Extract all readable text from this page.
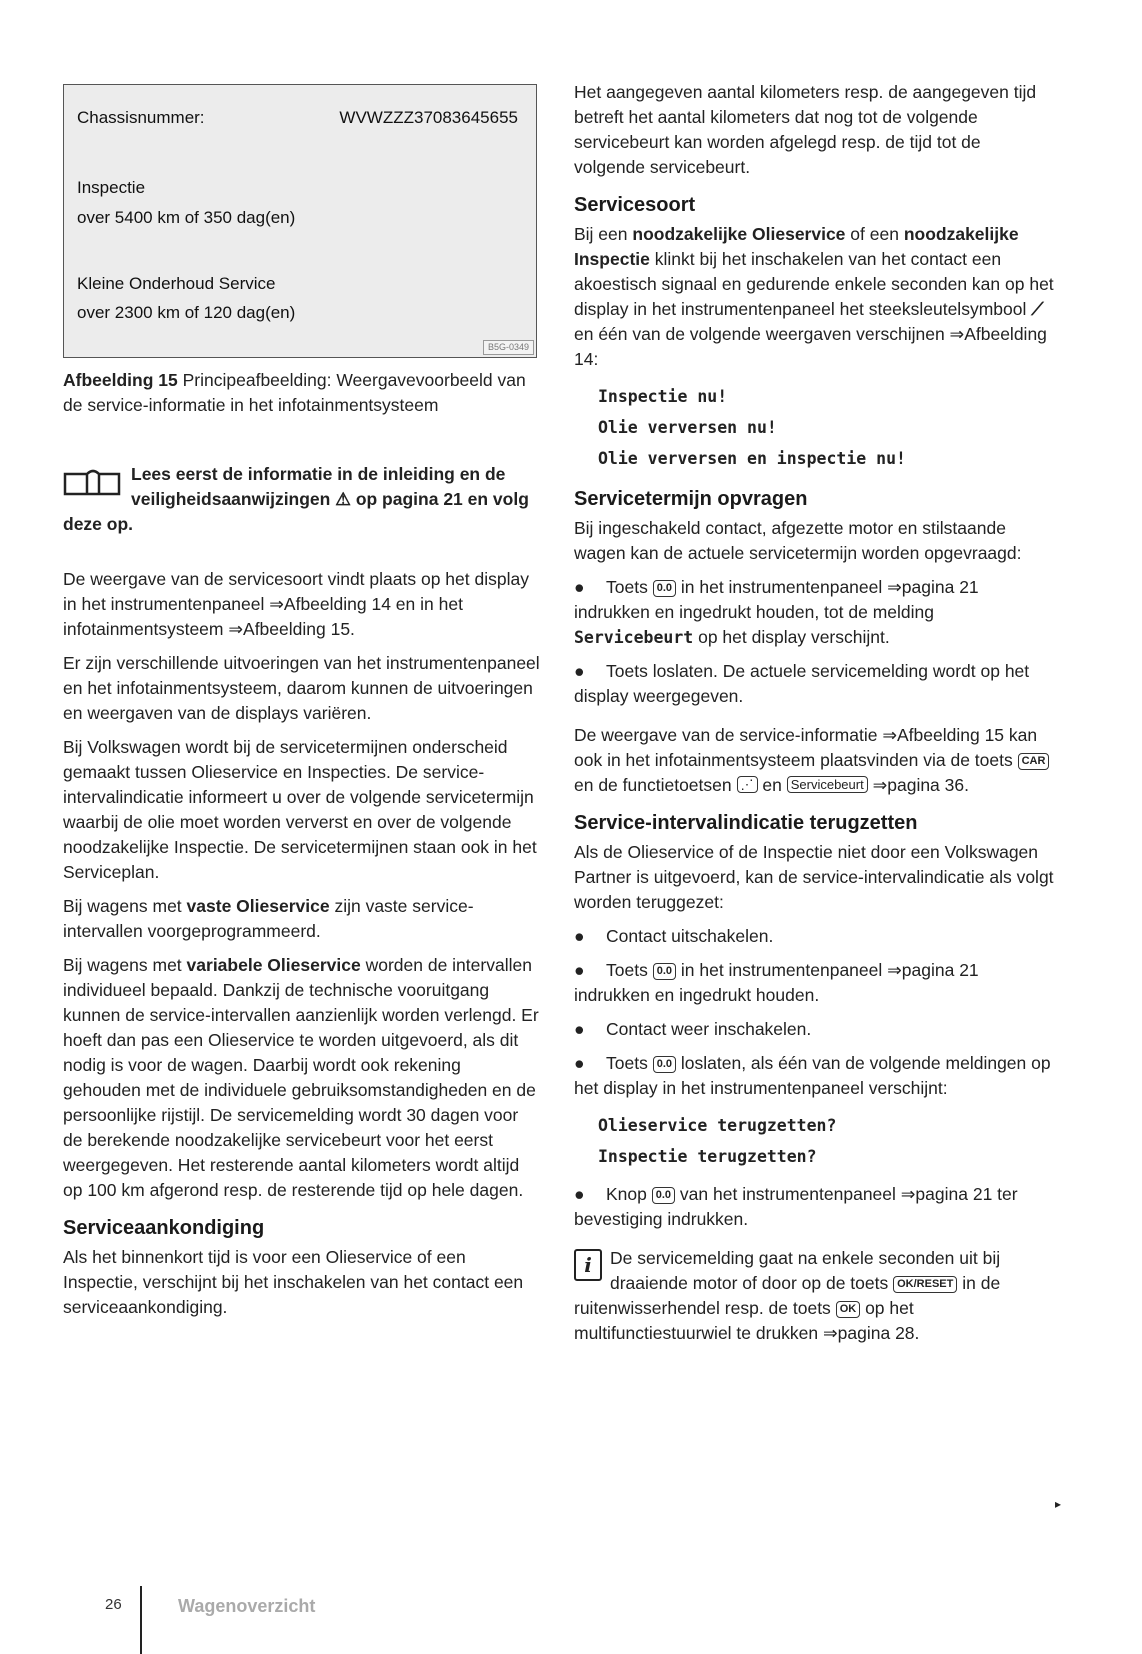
Chassisnummer:	WVWZZZ37083645655
Inspectie
over 5400 km of 350 dag(en)
Kleine Onderhoud Service
over 2300 km of 120 dag(en)
B5G-0349
Afbeelding 15 Principeafbeelding: Weergavevoorbeeld van de service-informatie in het infotainmentsysteem
Lees eerst de informatie in de inleiding en de veiligheidsaanwijzingen ⚠ op pagina 21 en volg deze op.

De weergave van de servicesoort vindt plaats op het display in het instrumentenpaneel ⇒Afbeelding 14 en in het infotainmentsysteem ⇒Afbeelding 15.

Er zijn verschillende uitvoeringen van het instrumentenpaneel en het infotainmentsysteem, daarom kunnen de uitvoeringen en weergaven van de displays variëren.

Bij Volkswagen wordt bij de servicetermijnen onderscheid gemaakt tussen Olieservice en Inspecties. De service-intervalindicatie informeert u over de volgende servicetermijn waarbij de olie moet worden ververst en over de volgende noodzakelijke Inspectie. De servicetermijnen staan ook in het Serviceplan.

Bij wagens met vaste Olieservice zijn vaste service-intervallen voorgeprogrammeerd.

Bij wagens met variabele Olieservice worden de intervallen individueel bepaald. Dankzij de technische vooruitgang kunnen de service-intervallen aanzienlijk worden verlengd. Er hoeft dan pas een Olieservice te worden uitgevoerd, als dit nodig is voor de wagen. Daarbij wordt ook rekening gehouden met de individuele gebruiksomstandigheden en de persoonlijke rijstijl. De servicemelding wordt 30 dagen voor de berekende noodzakelijke servicebeurt voor het eerst weergegeven. Het resterende aantal kilometers wordt altijd op 100 km afgerond resp. de resterende tijd op hele dagen.

Serviceaankondiging

Als het binnenkort tijd is voor een Olieservice of een Inspectie, verschijnt bij het inschakelen van het contact een serviceaankondiging.

Het aangegeven aantal kilometers resp. de aangegeven tijd betreft het aantal kilometers dat nog tot de volgende servicebeurt kan worden afgelegd resp. de tijd tot de volgende servicebeurt.

Servicesoort

Bij een noodzakelijke Olieservice of een noodzakelijke Inspectie klinkt bij het inschakelen van het contact een akoestisch signaal en gedurende enkele seconden kan op het display in het instrumentenpaneel het steeksleutelsymbool ⟋ en één van de volgende weergaven verschijnen ⇒Afbeelding 14:

Inspectie nu!
Olie verversen nu!
Olie verversen en inspectie nu!
Servicetermijn opvragen

Bij ingeschakeld contact, afgezette motor en stilstaande wagen kan de actuele servicetermijn worden opgevraagd:

● Toets 0.0 in het instrumentenpaneel ⇒pagina 21 indrukken en ingedrukt houden, tot de melding Servicebeurt op het display verschijnt.

● Toets loslaten. De actuele servicemelding wordt op het display weergegeven.

De weergave van de service-informatie ⇒Afbeelding 15 kan ook in het infotainmentsysteem plaatsvinden via de toets CAR en de functietoetsen ⋰ en Servicebeurt ⇒pagina 36.

Service-intervalindicatie terugzetten

Als de Olieservice of de Inspectie niet door een Volkswagen Partner is uitgevoerd, kan de service-intervalindicatie als volgt worden teruggezet:

● Contact uitschakelen.

● Toets 0.0 in het instrumentenpaneel ⇒pagina 21 indrukken en ingedrukt houden.

● Contact weer inschakelen.

● Toets 0.0 loslaten, als één van de volgende meldingen op het display in het instrumentenpaneel verschijnt:

Olieservice terugzetten?
Inspectie terugzetten?

● Knop 0.0 van het instrumentenpaneel ⇒pagina 21 ter bevestiging indrukken.

i	De servicemelding gaat na enkele seconden uit bij draaiende motor of door op de toets OK/RESET in de ruitenwisserhendel resp. de toets OK op het multifunctiestuurwiel te drukken ⇒pagina 28.

▸
26	Wagenoverzicht
